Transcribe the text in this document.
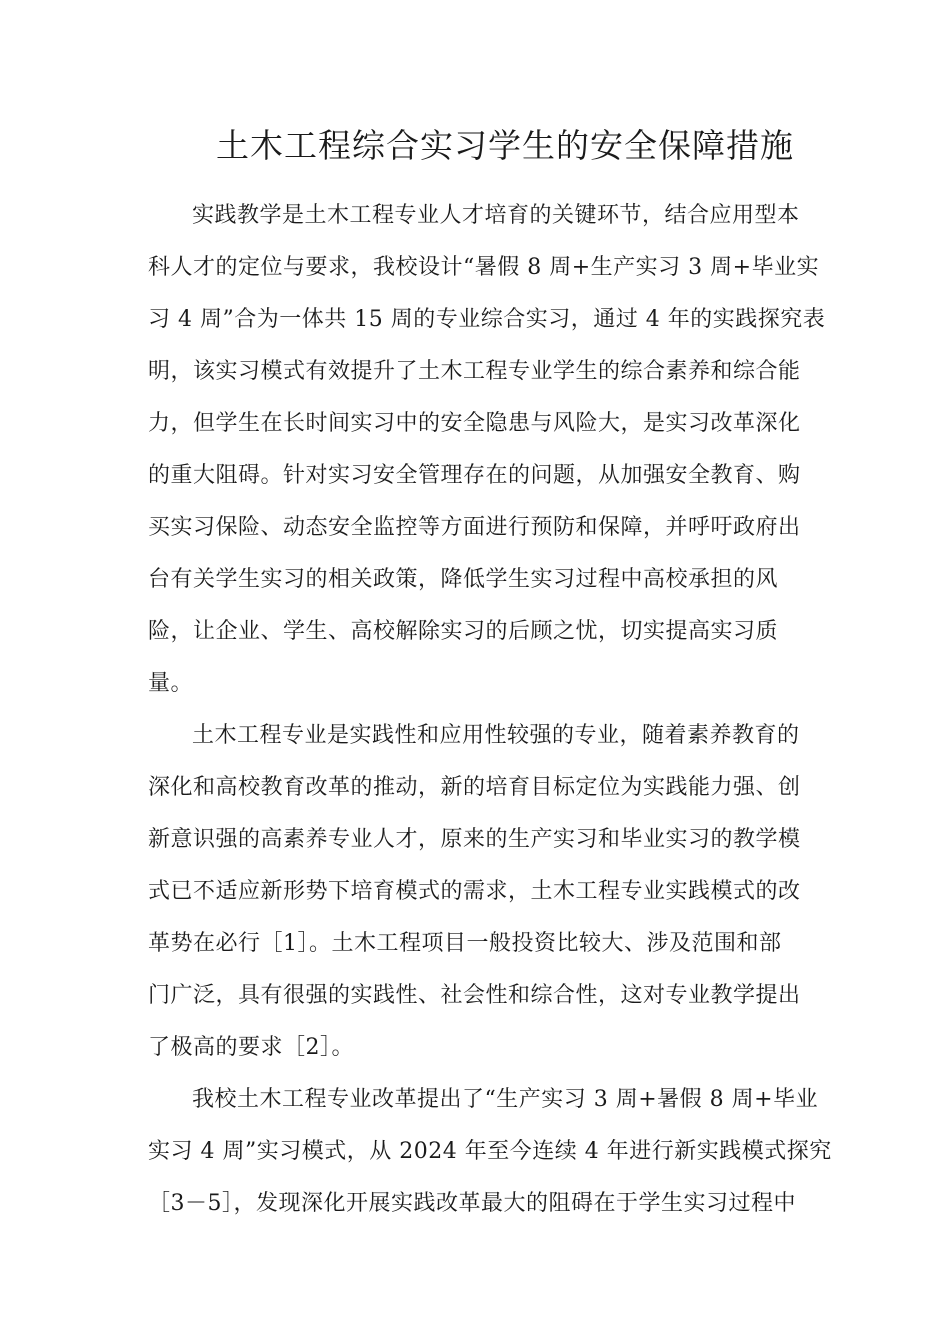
土木工程综合实习学生的安全保障措施
实践教学是土木工程专业人才培育的关键环节，结合应用型本
科人才的定位与要求，我校设计“暑假 8 周+生产实习 3 周+毕业实
习 4 周”合为一体共 15 周的专业综合实习，通过 4 年的实践探究表
明，该实习模式有效提升了土木工程专业学生的综合素养和综合能
力，但学生在长时间实习中的安全隐患与风险大，是实习改革深化
的重大阻碍。针对实习安全管理存在的问题，从加强安全教育、购
买实习保险、动态安全监控等方面进行预防和保障，并呼吁政府出
台有关学生实习的相关政策，降低学生实习过程中高校承担的风
险，让企业、学生、高校解除实习的后顾之忧，切实提高实习质
量。
土木工程专业是实践性和应用性较强的专业，随着素养教育的
深化和高校教育改革的推动，新的培育目标定位为实践能力强、创
新意识强的高素养专业人才，原来的生产实习和毕业实习的教学模
式已不适应新形势下培育模式的需求，土木工程专业实践模式的改
革势在必行［1］。土木工程项目一般投资比较大、涉及范围和部
门广泛，具有很强的实践性、社会性和综合性，这对专业教学提出
了极高的要求［2］。
我校土木工程专业改革提出了“生产实习 3 周+暑假 8 周+毕业
实习 4 周”实习模式，从 2024 年至今连续 4 年进行新实践模式探究
［3－5］，发现深化开展实践改革最大的阻碍在于学生实习过程中
